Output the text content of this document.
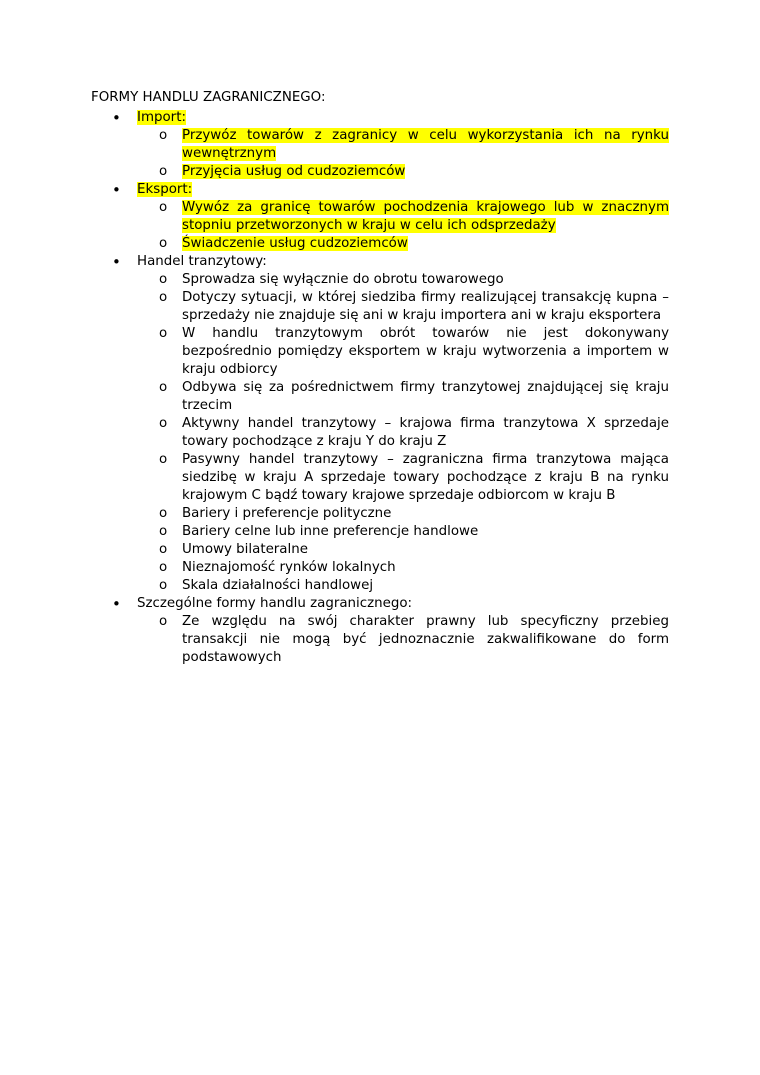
FORMY HANDLU ZAGRANICZNEGO:
• Import:
o Przywóz towarów z zagranicy w celu wykorzystania ich na rynku wewnętrznym
o Przyjęcia usług od cudzoziemców
• Eksport:
o Wywóz za granicę towarów pochodzenia krajowego lub w znacznym stopniu przetworzonych w kraju w celu ich odsprzedaży
o Świadczenie usług cudzoziemców
• Handel tranzytowy:
o Sprowadza się wyłącznie do obrotu towarowego
o Dotyczy sytuacji, w której siedziba firmy realizującej transakcję kupna – sprzedaży nie znajduje się ani w kraju importera ani w kraju eksportera
o W handlu tranzytowym obrót towarów nie jest dokonywany bezpośrednio pomiędzy eksportem w kraju wytworzenia a importem w kraju odbiorcy
o Odbywa się za pośrednictwem firmy tranzytowej znajdującej się kraju trzecim
o Aktywny handel tranzytowy – krajowa firma tranzytowa X sprzedaje towary pochodzące z kraju Y do kraju Z
o Pasywny handel tranzytowy – zagraniczna firma tranzytowa mająca siedzibę w kraju A sprzedaje towary pochodzące z kraju B na rynku krajowym C bądź towary krajowe sprzedaje odbiorcom w kraju B
o Bariery i preferencje polityczne
o Bariery celne lub inne preferencje handlowe
o Umowy bilateralne
o Nieznajomość rynków lokalnych
o Skala działalności handlowej
• Szczególne formy handlu zagranicznego:
o Ze względu na swój charakter prawny lub specyficzny przebieg transakcji nie mogą być jednoznacznie zakwalifikowane do form podstawowych
